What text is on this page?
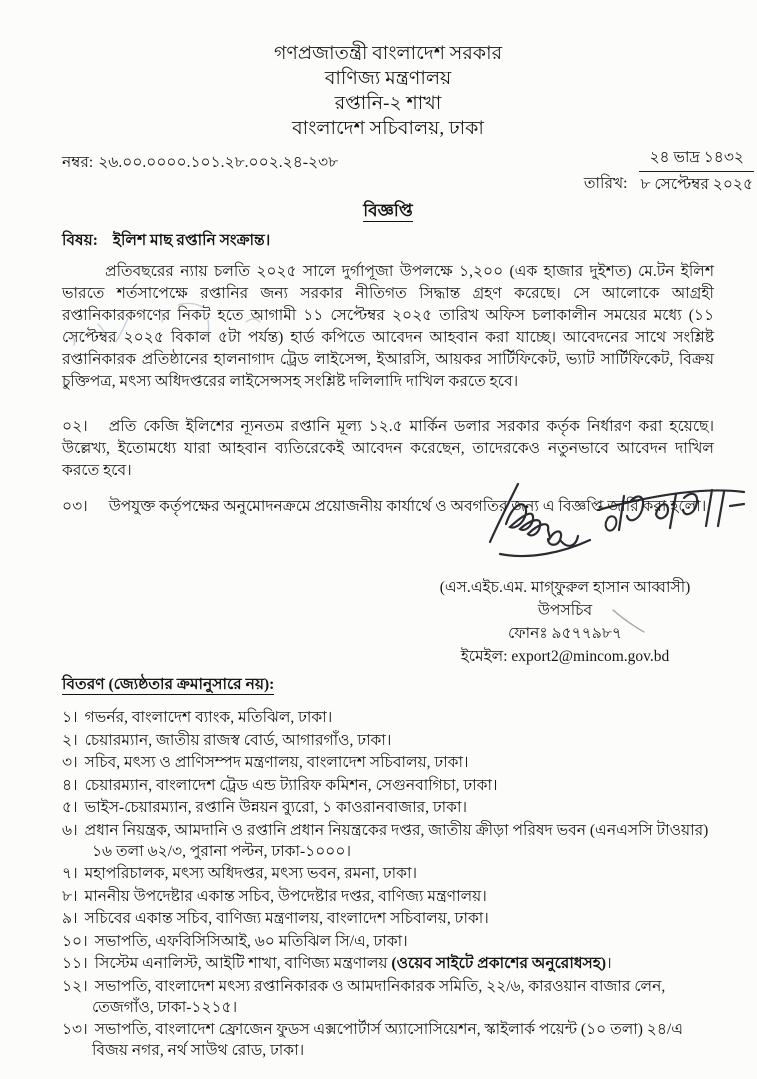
গণপ্রজাতন্ত্রী বাংলাদেশ সরকার
বাণিজ্য মন্ত্রণালয়
রপ্তানি-২ শাখা
বাংলাদেশ সচিবালয়, ঢাকা
নম্বর: ২৬.০০.০০০০.১০১.২৮.০০২.২৪-২৩৮
তারিখ:
২৪ ভাদ্র ১৪৩২
৮ সেপ্টেম্বর ২০২৫
বিজ্ঞপ্তি
বিষয়: ইলিশ মাছ রপ্তানি সংক্রান্ত।

প্রতিবছরের ন্যায় চলতি ২০২৫ সালে দুর্গাপূজা উপলক্ষে ১,২০০ (এক হাজার দুইশত) মে.টন ইলিশ ভারতে শর্তসাপেক্ষে রপ্তানির জন্য সরকার নীতিগত সিদ্ধান্ত গ্রহণ করেছে। সে আলোকে আগ্রহী রপ্তানিকারকগণের নিকট হতে আগামী ১১ সেপ্টেম্বর ২০২৫ তারিখ অফিস চলাকালীন সময়ের মধ্যে (১১ সেপ্টেম্বর ২০২৫ বিকাল ৫টা পর্যন্ত) হার্ড কপিতে আবেদন আহবান করা যাচ্ছে। আবেদনের সাথে সংশ্লিষ্ট রপ্তানিকারক প্রতিষ্ঠানের হালনাগাদ ট্রেড লাইসেন্স, ইআরসি, আয়কর সার্টিফিকেট, ভ্যাট সার্টিফিকেট, বিক্রয় চুক্তিপত্র, মৎস্য অধিদপ্তরের লাইসেন্সসহ সংশ্লিষ্ট দলিলাদি দাখিল করতে হবে।

০২। প্রতি কেজি ইলিশের ন্যূনতম রপ্তানি মূল্য ১২.৫ মার্কিন ডলার সরকার কর্তৃক নির্ধারণ করা হয়েছে। উল্লেখ্য, ইতোমধ্যে যারা আহবান ব্যতিরেকেই আবেদন করেছেন, তাদেরকেও নতুনভাবে আবেদন দাখিল করতে হবে।

০৩। উপযুক্ত কর্তৃপক্ষের অনুমোদনক্রমে প্রয়োজনীয় কার্যার্থে ও অবগতির জন্য এ বিজ্ঞপ্তি জারি করা হলো।

(এস.এইচ.এম. মাগ্‌ফুরুল হাসান আব্বাসী)
উপসচিব
ফোনঃ ৯৫৭৭৯৮৭
ইমেইল: export2@mincom.gov.bd
বিতরণ (জ্যেষ্ঠতার ক্রমানুসারে নয়):
১। গভর্নর, বাংলাদেশ ব্যাংক, মতিঝিল, ঢাকা।
২। চেয়ারম্যান, জাতীয় রাজস্ব বোর্ড, আগারগাঁও, ঢাকা।
৩। সচিব, মৎস্য ও প্রাণিসম্পদ মন্ত্রণালয়, বাংলাদেশ সচিবালয়, ঢাকা।
৪। চেয়ারম্যান, বাংলাদেশ ট্রেড এন্ড ট্যারিফ কমিশন, সেগুনবাগিচা, ঢাকা।
৫। ভাইস-চেয়ারম্যান, রপ্তানি উন্নয়ন ব্যুরো, ১ কাওরানবাজার, ঢাকা।
৬। প্রধান নিয়ন্ত্রক, আমদানি ও রপ্তানি প্রধান নিয়ন্ত্রকের দপ্তর, জাতীয় ক্রীড়া পরিষদ ভবন (এনএসসি টাওয়ার) ১৬ তলা ৬২/৩, পুরানা পল্টন, ঢাকা-১০০০।
৭। মহাপরিচালক, মৎস্য অধিদপ্তর, মৎস্য ভবন, রমনা, ঢাকা।
৮। মাননীয় উপদেষ্টার একান্ত সচিব, উপদেষ্টার দপ্তর, বাণিজ্য মন্ত্রণালয়।
৯। সচিবের একান্ত সচিব, বাণিজ্য মন্ত্রণালয়, বাংলাদেশ সচিবালয়, ঢাকা।
১০। সভাপতি, এফবিসিসিআই, ৬০ মতিঝিল সি/এ, ঢাকা।
১১। সিস্টেম এনালিস্ট, আইটি শাখা, বাণিজ্য মন্ত্রণালয় (ওয়েব সাইটে প্রকাশের অনুরোধসহ)।
১২। সভাপতি, বাংলাদেশ মৎস্য রপ্তানিকারক ও আমদানিকারক সমিতি, ২২/৬, কারওয়ান বাজার লেন, তেজগাঁও, ঢাকা-১২১৫।
১৩। সভাপতি, বাংলাদেশ ফ্রোজেন ফুডস এক্সপোর্টার্স অ্যাসোসিয়েশন, স্কাইলার্ক পয়েন্ট (১০ তলা) ২৪/এ বিজয় নগর, নর্থ সাউথ রোড, ঢাকা।
